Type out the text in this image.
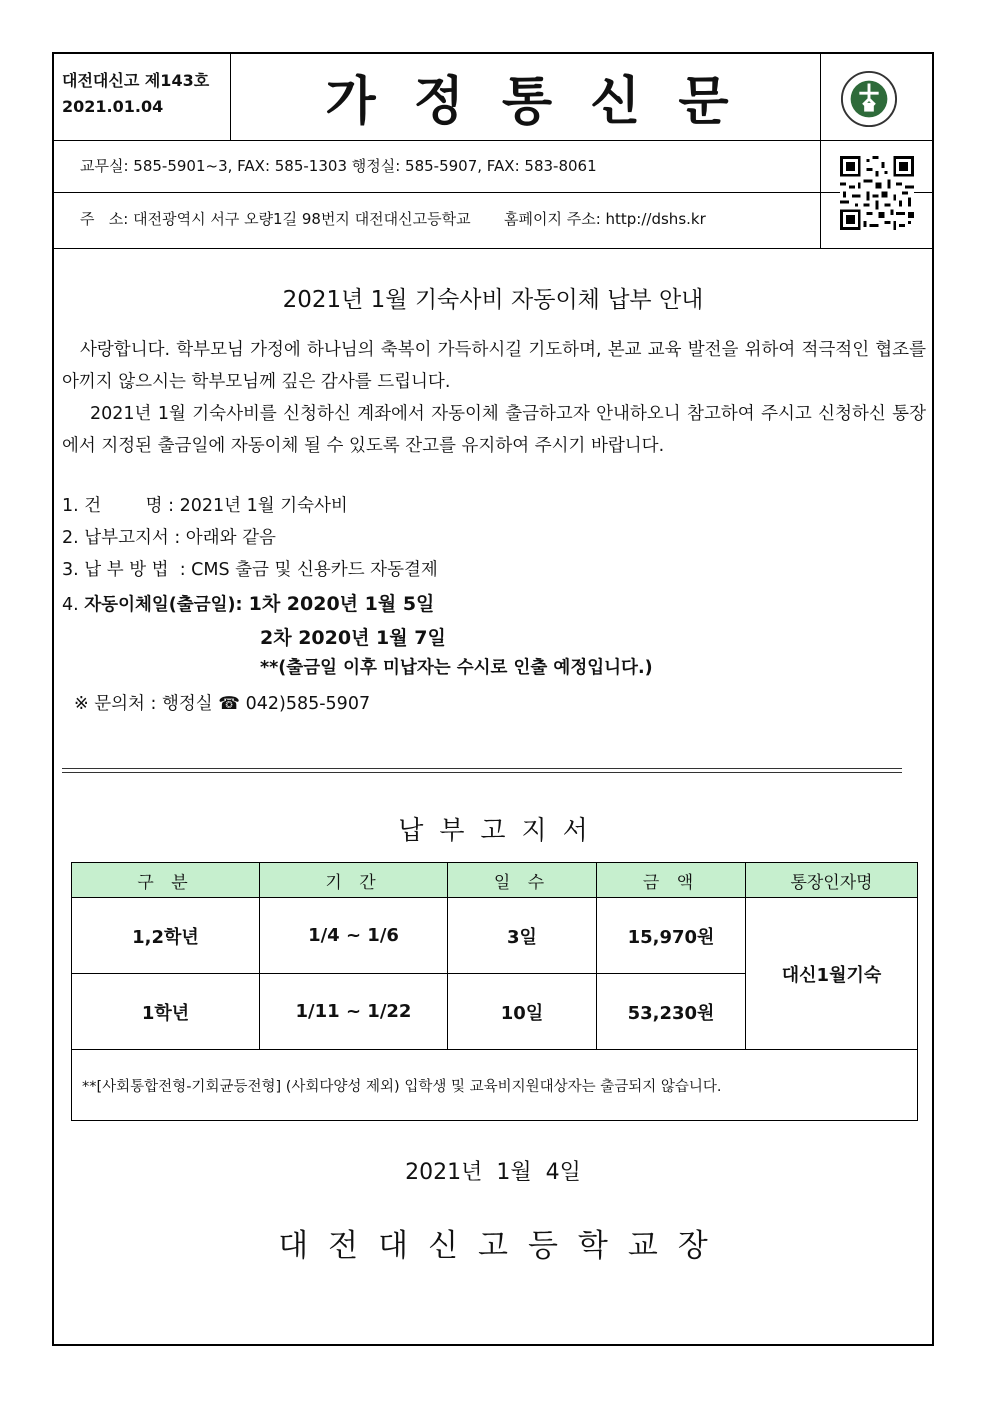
대전대신고 제143호
2021.01.04	가정통신문
교무실: 585-5901~3, FAX: 585-1303 행정실: 585-5907, FAX: 583-8061
주   소: 대전광역시 서구 오량1길 98번지 대전대신고등학교       홈페이지 주소: http://dshs.kr
2021년 1월 기숙사비 자동이체 납부 안내
사랑합니다. 학부모님 가정에 하나님의 축복이 가득하시길 기도하며, 본교 교육 발전을 위하여 적극적인 협조를 아끼지 않으시는 학부모님께 깊은 감사를 드립니다.
2021년 1월 기숙사비를 신청하신 계좌에서 자동이체 출금하고자 안내하오니 참고하여 주시고 신청하신 통장에서 지정된 출금일에 자동이체 될 수 있도록 잔고를 유지하여 주시기 바랍니다.
1. 건        명 : 2021년 1월 기숙사비
2. 납부고지서 : 아래와 같음
3. 납 부 방 법  : CMS 출금 및 신용카드 자동결제
4. 자동이체일(출금일): 1차 2020년 1월 5일
2차 2020년 1월 7일
**(출금일 이후 미납자는 수시로 인출 예정입니다.)
※ 문의처 : 행정실 ☎ 042)585-5907
납부고지서
구 분	기 간	일 수	금 액	통장인자명
1,2학년	1/4 ~ 1/6	3일	15,970원	대신1월기숙
1학년	1/11 ~ 1/22	10일	53,230원	
**[사회통합전형-기회균등전형] (사회다양성 제외) 입학생 및 교육비지원대상자는 출금되지 않습니다.				
2021년  1월  4일
대전대신고등학교장
